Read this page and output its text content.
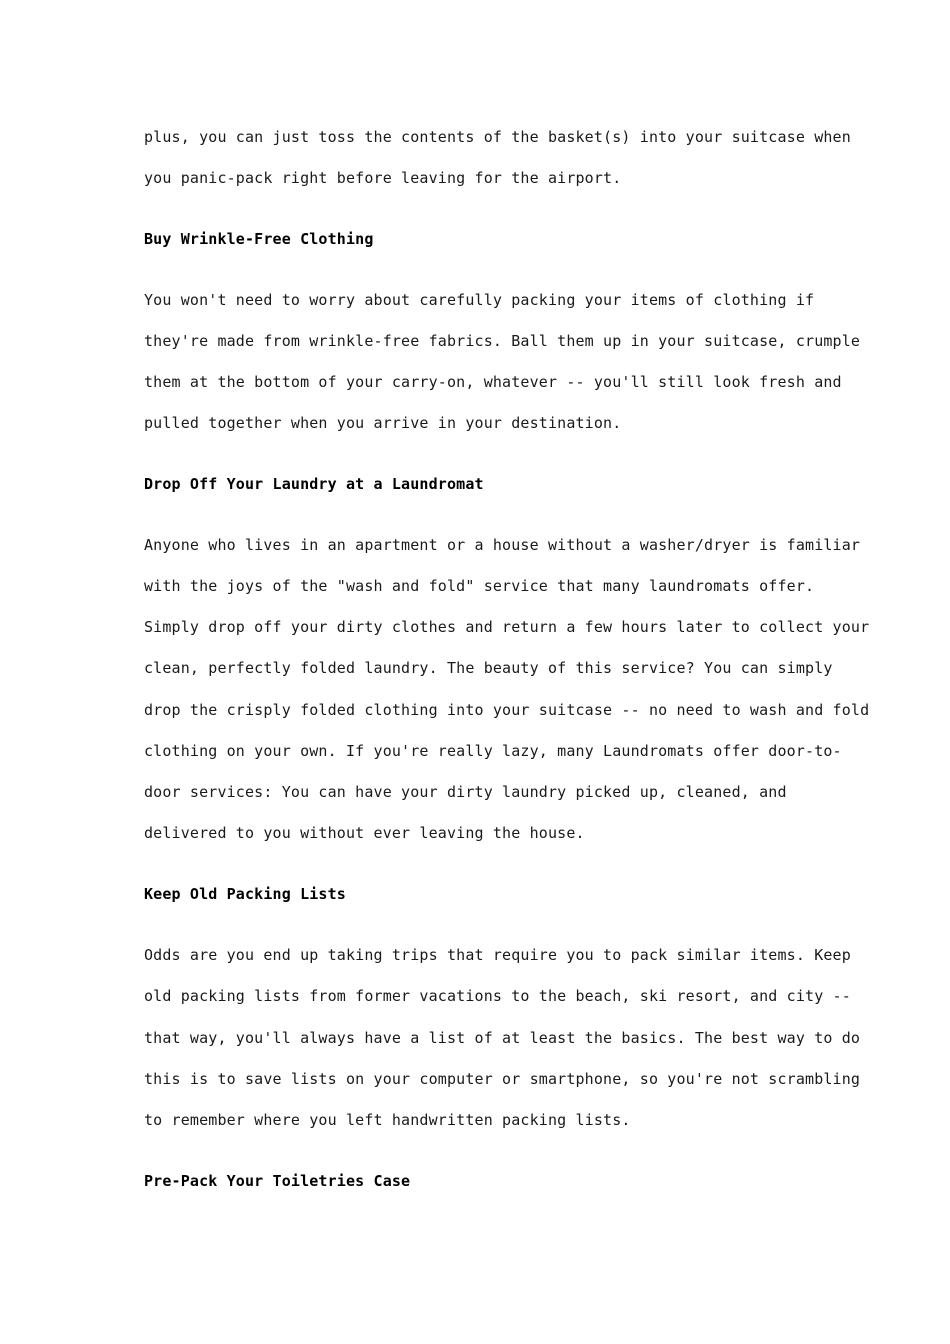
plus, you can just toss the contents of the basket(s) into your suitcase when

you panic-pack right before leaving for the airport.

Buy Wrinkle-Free Clothing

You won't need to worry about carefully packing your items of clothing if

they're made from wrinkle-free fabrics. Ball them up in your suitcase, crumple

them at the bottom of your carry-on, whatever -- you'll still look fresh and

pulled together when you arrive in your destination.

Drop Off Your Laundry at a Laundromat

Anyone who lives in an apartment or a house without a washer/dryer is familiar

with the joys of the "wash and fold" service that many laundromats offer.

Simply drop off your dirty clothes and return a few hours later to collect your

clean, perfectly folded laundry. The beauty of this service? You can simply

drop the crisply folded clothing into your suitcase -- no need to wash and fold

clothing on your own. If you're really lazy, many Laundromats offer door-to-

door services: You can have your dirty laundry picked up, cleaned, and

delivered to you without ever leaving the house.

Keep Old Packing Lists

Odds are you end up taking trips that require you to pack similar items. Keep

old packing lists from former vacations to the beach, ski resort, and city --

that way, you'll always have a list of at least the basics. The best way to do

this is to save lists on your computer or smartphone, so you're not scrambling

to remember where you left handwritten packing lists.

Pre-Pack Your Toiletries Case
